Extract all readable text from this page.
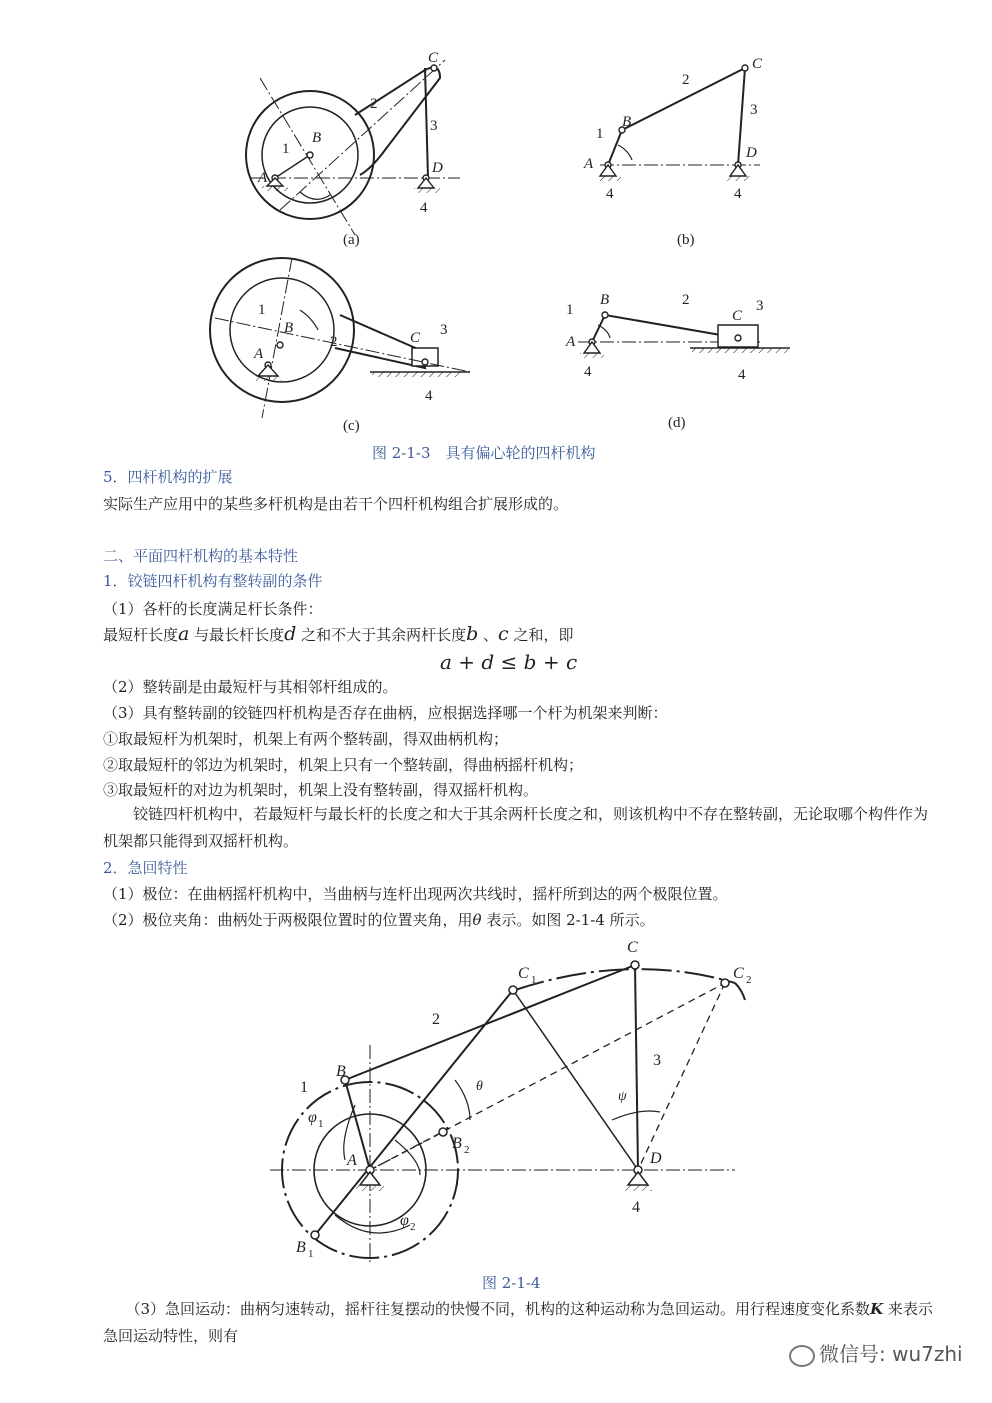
(a)	(b)
(c)	(d)
C
2
3
B
1
A
D
4
C
2
3
B
1
A
D
4	4
1
B
A
2	C 3
4
B
1
2
C
3
A
4	4
图 2-1-3　具有偏心轮的四杆机构
5．四杆机构的扩展
实际生产应用中的某些多杆机构是由若干个四杆机构组合扩展形成的。
二、平面四杆机构的基本特性
1．铰链四杆机构有整转副的条件
（1）各杆的长度满足杆长条件：
最短杆长度a 与最长杆长度d 之和不大于其余两杆长度b 、c 之和，即
a + d ≤ b + c
（2）整转副是由最短杆与其相邻杆组成的。
（3）具有整转副的铰链四杆机构是否存在曲柄，应根据选择哪一个杆为机架来判断：
①取最短杆为机架时，机架上有两个整转副，得双曲柄机构；
②取最短杆的邻边为机架时，机架上只有一个整转副，得曲柄摇杆机构；
③取最短杆的对边为机架时，机架上没有整转副，得双摇杆机构。
　　铰链四杆机构中，若最短杆与最长杆的长度之和大于其余两杆长度之和，则该机构中不存在整转副，无论取哪个构件作为机架都只能得到双摇杆机构。
2．急回特性
（1）极位：在曲柄摇杆机构中，当曲柄与连杆出现两次共线时，摇杆所到达的两个极限位置。
（2）极位夹角：曲柄处于两极限位置时的位置夹角，用θ 表示。如图 2-1-4 所示。
C
C 1	C 2
2
3
B
1	θ
ψ
φ 1
B 2
A	D
4
φ 2
B 1
图 2-1-4
　　（3）急回运动：曲柄匀速转动，摇杆往复摆动的快慢不同，机构的这种运动称为急回运动。用行程速度变化系数K 来表示急回运动特性，则有
微信号: wu7zhi
